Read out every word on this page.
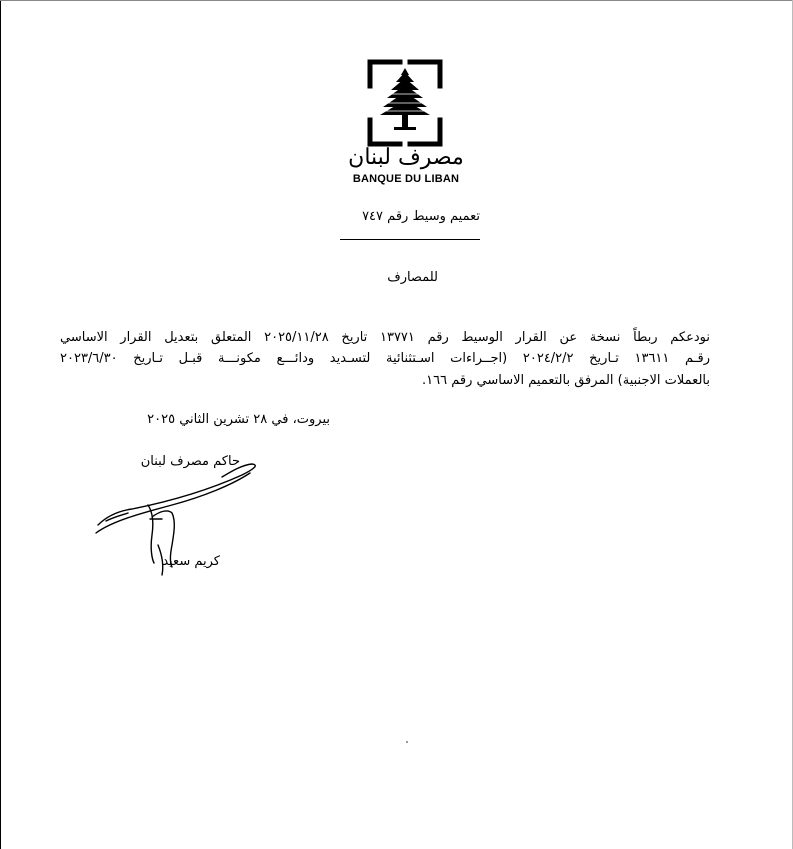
مصرف لبنان
BANQUE DU LIBAN
تعميم وسيط رقم ٧٤٧
للمصارف
نودعكم ربطاً نسخة عن القرار الوسيط رقم ١٣٧٧١ تاريخ ٢٠٢٥/١١/٢٨ المتعلق بتعديل القرار الاساسي
رقـم ١٣٦١١ تـاريخ ٢٠٢٤/٢/٢ (اجــراءات اسـتثنائية لتسـديد ودائـــع مكونـــة قبـل تـاريخ ٢٠٢٣/٦/٣٠
بالعملات الاجنبية) المرفق بالتعميم الاساسي رقم ١٦٦.
بيروت، في ٢٨ تشرين الثاني ٢٠٢٥
حاكم مصرف لبنان
كريم سعيد
